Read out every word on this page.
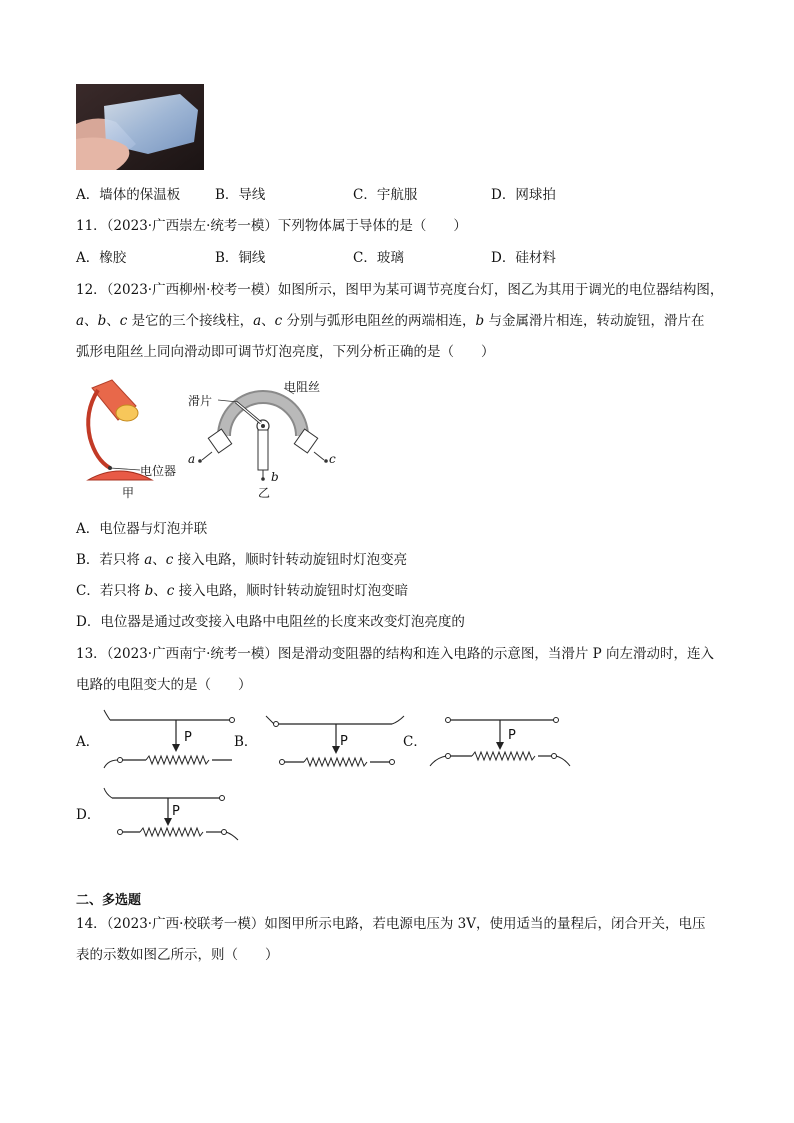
A．墙体的保温板	B．导线	C．宇航服	D．网球拍
11．（2023·广西崇左·统考一模）下列物体属于导体的是（　　）
A．橡胶	B．铜线	C．玻璃	D．硅材料
12．（2023·广西柳州·校考一模）如图所示，图甲为某可调节亮度台灯，图乙为其用于调光的电位器结构图，
a、b、c 是它的三个接线柱，a、c 分别与弧形电阻丝的两端相连，b 与金属滑片相连，转动旋钮，滑片在
弧形电阻丝上同向滑动即可调节灯泡亮度，下列分析正确的是（　　）
电位器
甲
滑片
电阻丝
a
b
c
乙
A．电位器与灯泡并联
B．若只将 a、c 接入电路，顺时针转动旋钮时灯泡变亮
C．若只将 b、c 接入电路，顺时针转动旋钮时灯泡变暗
D．电位器是通过改变接入电路中电阻丝的长度来改变灯泡亮度的
13．（2023·广西南宁·统考一模）图是滑动变阻器的结构和连入电路的示意图，当滑片 P 向左滑动时，连入
电路的电阻变大的是（　　）
A．	B．	C．
D．
P	P	P
P
二、多选题
14．（2023·广西·校联考一模）如图甲所示电路，若电源电压为 3V，使用适当的量程后，闭合开关，电压
表的示数如图乙所示，则（　　）
